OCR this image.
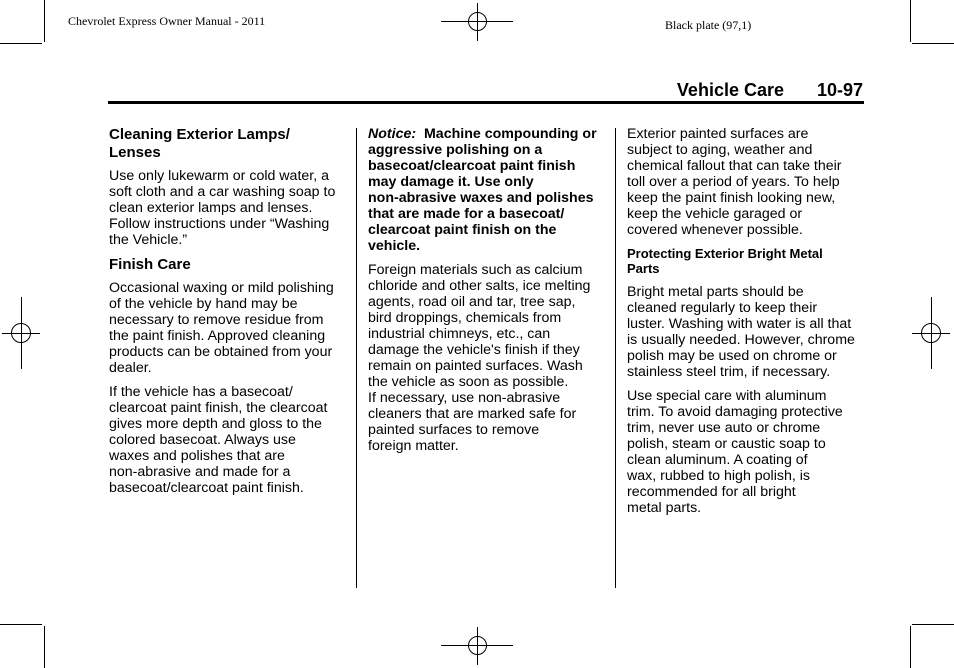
Chevrolet Express Owner Manual - 2011	Black plate (97,1)
Vehicle Care 10-97
Cleaning Exterior Lamps/
Lenses

Use only lukewarm or cold water, a
soft cloth and a car washing soap to
clean exterior lamps and lenses.
Follow instructions under “Washing
the Vehicle.”

Finish Care

Occasional waxing or mild polishing
of the vehicle by hand may be
necessary to remove residue from
the paint finish. Approved cleaning
products can be obtained from your
dealer.

If the vehicle has a basecoat/
clearcoat paint finish, the clearcoat
gives more depth and gloss to the
colored basecoat. Always use
waxes and polishes that are
non-abrasive and made for a
basecoat/clearcoat paint finish.

Notice: Machine compounding or
aggressive polishing on a
basecoat/clearcoat paint finish
may damage it. Use only
non-abrasive waxes and polishes
that are made for a basecoat/
clearcoat paint finish on the
vehicle.

Foreign materials such as calcium
chloride and other salts, ice melting
agents, road oil and tar, tree sap,
bird droppings, chemicals from
industrial chimneys, etc., can
damage the vehicle's finish if they
remain on painted surfaces. Wash
the vehicle as soon as possible.
If necessary, use non-abrasive
cleaners that are marked safe for
painted surfaces to remove
foreign matter.

Exterior painted surfaces are
subject to aging, weather and
chemical fallout that can take their
toll over a period of years. To help
keep the paint finish looking new,
keep the vehicle garaged or
covered whenever possible.

Protecting Exterior Bright Metal
Parts

Bright metal parts should be
cleaned regularly to keep their
luster. Washing with water is all that
is usually needed. However, chrome
polish may be used on chrome or
stainless steel trim, if necessary.

Use special care with aluminum
trim. To avoid damaging protective
trim, never use auto or chrome
polish, steam or caustic soap to
clean aluminum. A coating of
wax, rubbed to high polish, is
recommended for all bright
metal parts.
